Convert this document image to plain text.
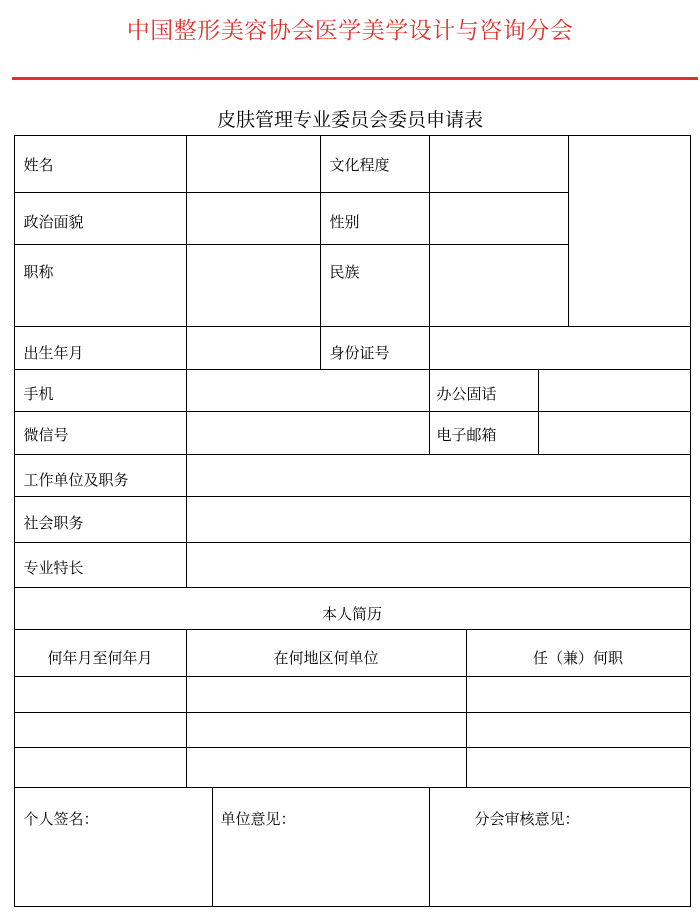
中国整形美容协会医学美学设计与咨询分会
皮肤管理专业委员会委员申请表
姓名	文化程度
政治面貌	性别
职称	民族
出生年月	身份证号
手机	办公固话
微信号	电子邮箱
工作单位及职务
社会职务
专业特长
本人简历
何年月至何年月	在何地区何单位	任（兼）何职
个人签名：	单位意见：	分会审核意见：
